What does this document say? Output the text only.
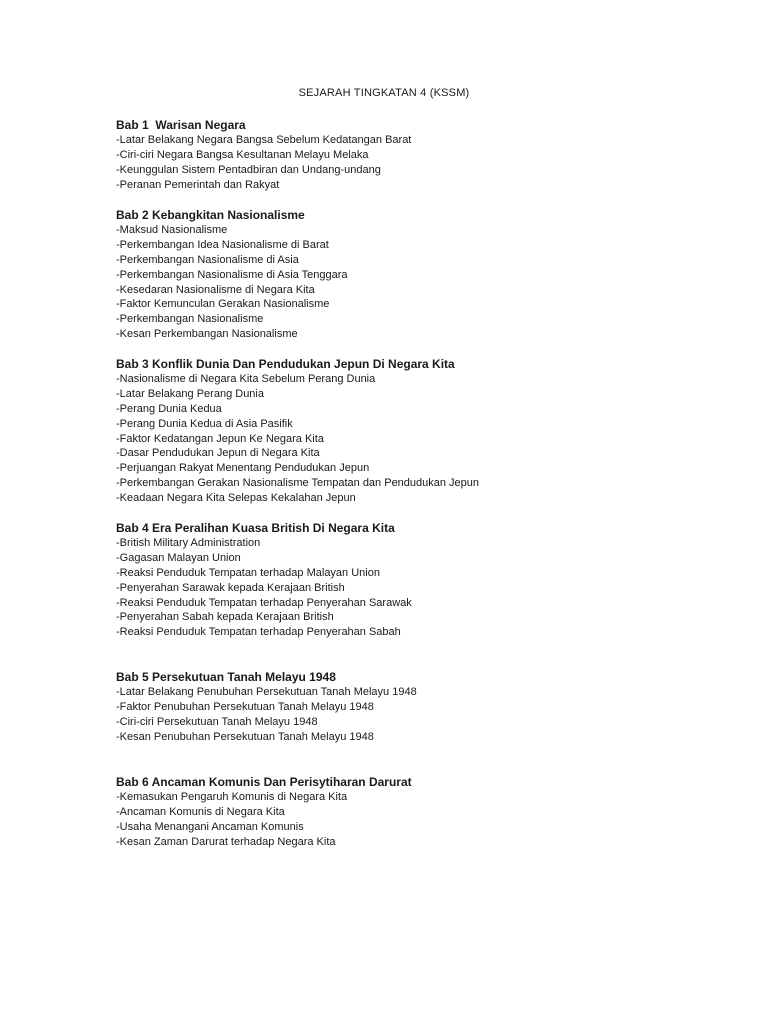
SEJARAH TINGKATAN 4 (KSSM)
Bab 1  Warisan Negara
-Latar Belakang Negara Bangsa Sebelum Kedatangan Barat
-Ciri-ciri Negara Bangsa Kesultanan Melayu Melaka
-Keunggulan Sistem Pentadbiran dan Undang-undang
-Peranan Pemerintah dan Rakyat
Bab 2 Kebangkitan Nasionalisme
-Maksud Nasionalisme
-Perkembangan Idea Nasionalisme di Barat
-Perkembangan Nasionalisme di Asia
-Perkembangan Nasionalisme di Asia Tenggara
-Kesedaran Nasionalisme di Negara Kita
-Faktor Kemunculan Gerakan Nasionalisme
-Perkembangan Nasionalisme
-Kesan Perkembangan Nasionalisme
Bab 3 Konflik Dunia Dan Pendudukan Jepun Di Negara Kita
-Nasionalisme di Negara Kita Sebelum Perang Dunia
-Latar Belakang Perang Dunia
-Perang Dunia Kedua
-Perang Dunia Kedua di Asia Pasifik
-Faktor Kedatangan Jepun Ke Negara Kita
-Dasar Pendudukan Jepun di Negara Kita
-Perjuangan Rakyat Menentang Pendudukan Jepun
-Perkembangan Gerakan Nasionalisme Tempatan dan Pendudukan Jepun
-Keadaan Negara Kita Selepas Kekalahan Jepun
Bab 4 Era Peralihan Kuasa British Di Negara Kita
-British Military Administration
-Gagasan Malayan Union
-Reaksi Penduduk Tempatan terhadap Malayan Union
-Penyerahan Sarawak kepada Kerajaan British
-Reaksi Penduduk Tempatan terhadap Penyerahan Sarawak
-Penyerahan Sabah kepada Kerajaan British
-Reaksi Penduduk Tempatan terhadap Penyerahan Sabah
Bab 5 Persekutuan Tanah Melayu 1948
-Latar Belakang Penubuhan Persekutuan Tanah Melayu 1948
-Faktor Penubuhan Persekutuan Tanah Melayu 1948
-Ciri-ciri Persekutuan Tanah Melayu 1948
-Kesan Penubuhan Persekutuan Tanah Melayu 1948
Bab 6 Ancaman Komunis Dan Perisytiharan Darurat
-Kemasukan Pengaruh Komunis di Negara Kita
-Ancaman Komunis di Negara Kita
-Usaha Menangani Ancaman Komunis
-Kesan Zaman Darurat terhadap Negara Kita
